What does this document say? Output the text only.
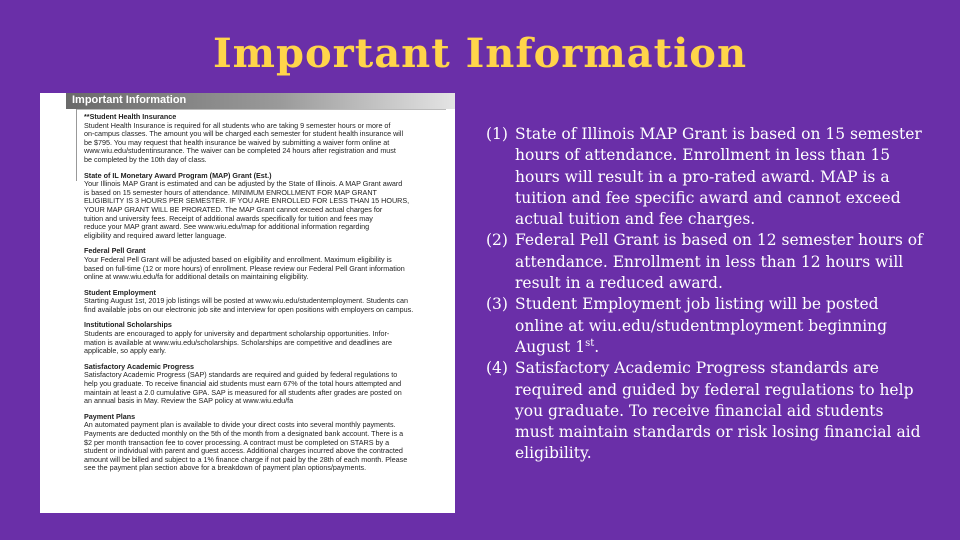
Important Information
Important Information
**Student Health Insurance
Student Health Insurance is required for all students who are taking 9 semester hours or more of
on-campus classes. The amount you will be charged each semester for student health insurance will
be $795. You may request that health insurance be waived by submitting a waiver form online at
www.wiu.edu/studentinsurance. The waiver can be completed 24 hours after registration and must
be completed by the 10th day of class.
State of IL Monetary Award Program (MAP) Grant (Est.)
Your Illinois MAP Grant is estimated and can be adjusted by the State of Illinois. A MAP Grant award
is based on 15 semester hours of attendance. MINIMUM ENROLLMENT FOR MAP GRANT
ELIGIBILITY IS 3 HOURS PER SEMESTER. IF YOU ARE ENROLLED FOR LESS THAN 15 HOURS,
YOUR MAP GRANT WILL BE PRORATED. The MAP Grant cannot exceed actual charges for
tuition and university fees. Receipt of additional awards specifically for tuition and fees may
reduce your MAP grant award. See www.wiu.edu/map for additional information regarding
eligibility and required award letter language.
Federal Pell Grant
Your Federal Pell Grant will be adjusted based on eligibility and enrollment. Maximum eligibility is
based on full-time (12 or more hours) of enrollment. Please review our Federal Pell Grant information
online at www.wiu.edu/fa for additional details on maintaining eligibility.
Student Employment
Starting August 1st, 2019 job listings will be posted at www.wiu.edu/studentemployment. Students can
find available jobs on our electronic job site and interview for open positions with employers on campus.
Institutional Scholarships
Students are encouraged to apply for university and department scholarship opportunities. Infor-
mation is available at www.wiu.edu/scholarships. Scholarships are competitive and deadlines are
applicable, so apply early.
Satisfactory Academic Progress
Satisfactory Academic Progress (SAP) standards are required and guided by federal regulations to
help you graduate. To receive financial aid students must earn 67% of the total hours attempted and
maintain at least a 2.0 cumulative GPA. SAP is measured for all students after grades are posted on
an annual basis in May. Review the SAP policy at www.wiu.edu/fa
Payment Plans
An automated payment plan is available to divide your direct costs into several monthly payments.
Payments are deducted monthly on the 5th of the month from a designated bank account. There is a
$2 per month transaction fee to cover processing. A contract must be completed on STARS by a
student or individual with parent and guest access. Additional charges incurred above the contracted
amount will be billed and subject to a 1% finance charge if not paid by the 28th of each month. Please
see the payment plan section above for a breakdown of payment plan options/payments.
(1) State of Illinois MAP Grant is based on 15 semester hours of attendance. Enrollment in less than 15 hours will result in a pro-rated award. MAP is a tuition and fee specific award and cannot exceed actual tuition and fee charges.
(2) Federal Pell Grant is based on 12 semester hours of attendance. Enrollment in less than 12 hours will result in a reduced award.
(3) Student Employment job listing will be posted online at wiu.edu/studentmployment beginning August 1st.
(4) Satisfactory Academic Progress standards are required and guided by federal regulations to help you graduate. To receive financial aid students must maintain standards or risk losing financial aid eligibility.
